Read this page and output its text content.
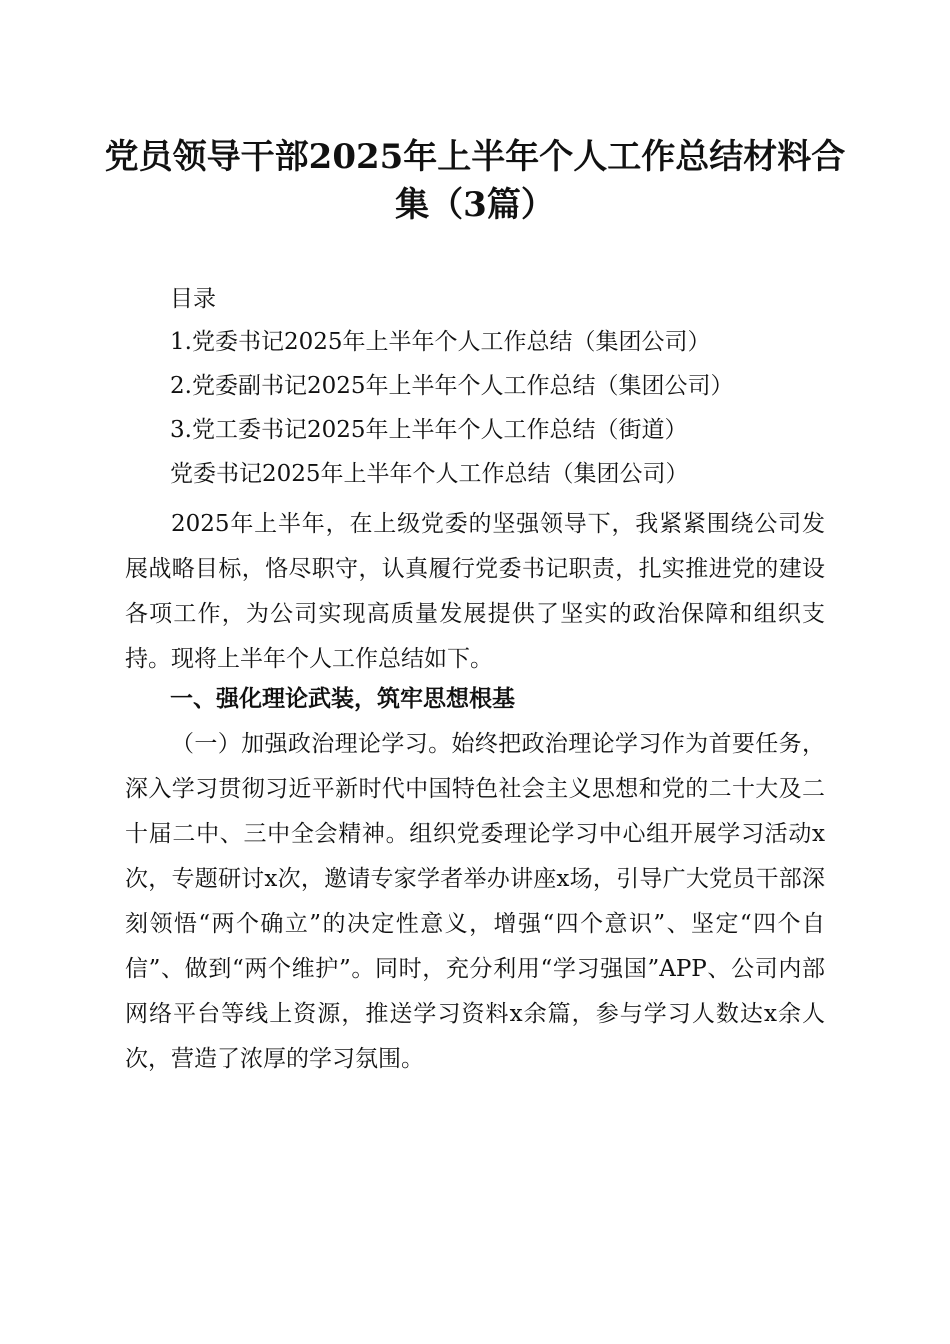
党员领导干部2025年上半年个人工作总结材料合集（3篇）
目录
1.党委书记2025年上半年个人工作总结（集团公司）
2.党委副书记2025年上半年个人工作总结（集团公司）
3.党工委书记2025年上半年个人工作总结（街道）
党委书记2025年上半年个人工作总结（集团公司）

2025年上半年，在上级党委的坚强领导下，我紧紧围绕公司发展战略目标，恪尽职守，认真履行党委书记职责，扎实推进党的建设各项工作，为公司实现高质量发展提供了坚实的政治保障和组织支持。现将上半年个人工作总结如下。

一、强化理论武装，筑牢思想根基

（一）加强政治理论学习。始终把政治理论学习作为首要任务，深入学习贯彻习近平新时代中国特色社会主义思想和党的二十大及二十届二中、三中全会精神。组织党委理论学习中心组开展学习活动x次，专题研讨x次，邀请专家学者举办讲座x场，引导广大党员干部深刻领悟“两个确立”的决定性意义，增强“四个意识”、坚定“四个自信”、做到“两个维护”。同时，充分利用“学习强国”APP、公司内部网络平台等线上资源，推送学习资料x余篇，参与学习人数达x余人次，营造了浓厚的学习氛围。
